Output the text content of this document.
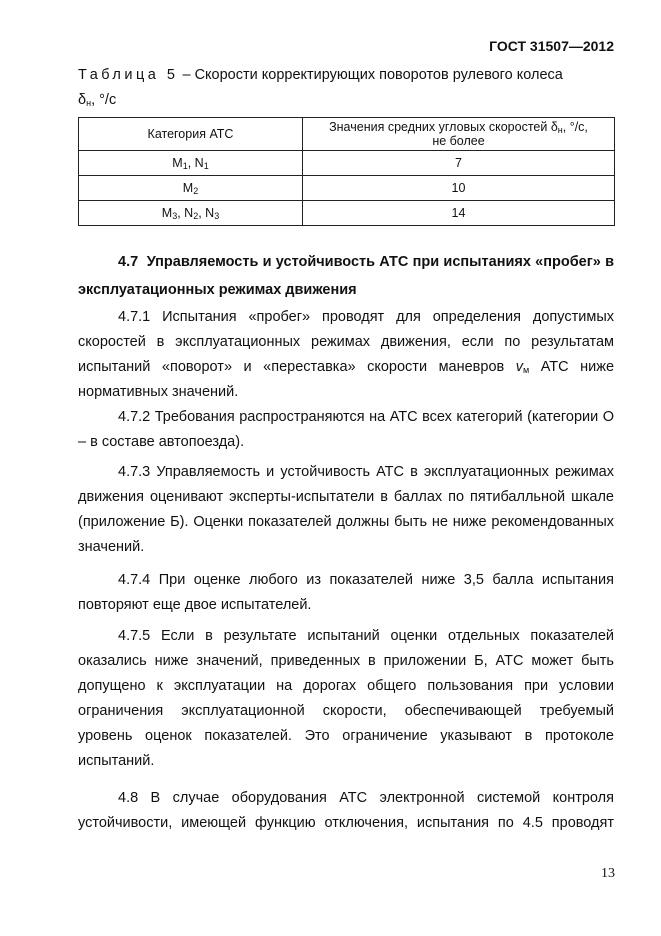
ГОСТ 31507—2012

Таблица 5 – Скорости корректирующих поворотов рулевого колеса
$\delta_н$, °/с

Категория АТС	Значения средних угловых скоростей $\delta_н$, °/с,
не более
$M_1$, $N_1$	7
$M_2$	10
$M_3$, $N_2$, $N_3$	14

4.7 Управляемость и устойчивость АТС при испытаниях «пробег» в эксплуатационных режимах движения

4.7.1 Испытания «пробег» проводят для определения допустимых скоростей в эксплуатационных режимах движения, если по результатам испытаний «поворот» и «переставка» скорости маневров $v_м$ АТС ниже нормативных значений.

4.7.2 Требования распространяются на АТС всех категорий (категории О – в составе автопоезда).

4.7.3 Управляемость и устойчивость АТС в эксплуатационных режимах движения оценивают эксперты-испытатели в баллах по пятибалльной шкале (приложение Б). Оценки показателей должны быть не ниже рекомендованных значений.

4.7.4 При оценке любого из показателей ниже 3,5 балла испытания повторяют еще двое испытателей.

4.7.5 Если в результате испытаний оценки отдельных показателей оказались ниже значений, приведенных в приложении Б, АТС может быть допущено к эксплуатации на дорогах общего пользования при условии ограничения эксплуатационной скорости, обеспечивающей требуемый уровень оценок показателей. Это ограничение указывают в протоколе испытаний.

4.8 В случае оборудования АТС электронной системой контроля устойчивости, имеющей функцию отключения, испытания по 4.5 проводят

13
